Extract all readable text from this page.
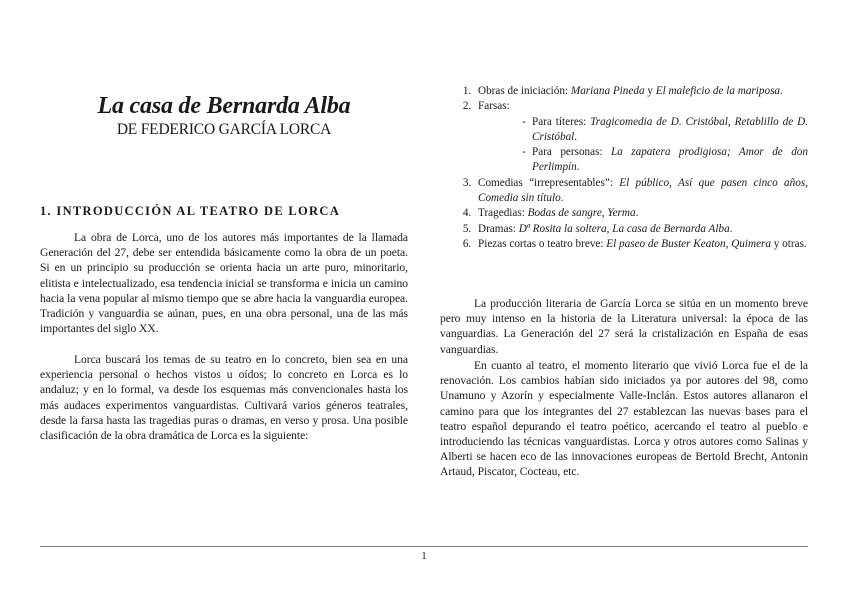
La casa de Bernarda Alba

DE FEDERICO GARCÍA LORCA

1. INTRODUCCIÓN AL TEATRO DE LORCA

La obra de Lorca, uno de los autores más importantes de la llamada Generación del 27, debe ser entendida básicamente como la obra de un poeta. Si en un principio su producción se orienta hacia un arte puro, minoritario, elitista e intelectualizado, esa tendencia inicial se transforma e inicia un camino hacia la vena popular al mismo tiempo que se abre hacia la vanguardia europea. Tradición y vanguardia se aúnan, pues, en una obra personal, una de las más importantes del siglo XX.

Lorca buscará los temas de su teatro en lo concreto, bien sea en una experiencia personal o hechos vistos u oídos; lo concreto en Lorca es lo andaluz; y en lo formal, va desde los esquemas más convencionales hasta los más audaces experimentos vanguardistas. Cultivará varios géneros teatrales, desde la farsa hasta las tragedias puras o dramas, en verso y prosa. Una posible clasificación de la obra dramática de Lorca es la siguiente:

1. Obras de iniciación: Mariana Pineda y El maleficio de la mariposa.
2. Farsas:
- Para títeres: Tragicomedia de D. Cristóbal, Retablillo de D. Cristóbal.
- Para personas: La zapatera prodigiosa; Amor de don Perlimpín.
3. Comedias “irrepresentables”: El público, Así que pasen cinco años, Comedia sin título.
4. Tragedias: Bodas de sangre, Yerma.
5. Dramas: Dª Rosita la soltera, La casa de Bernarda Alba.
6. Piezas cortas o teatro breve: El paseo de Buster Keaton, Quimera y otras.

La producción literaria de García Lorca se sitúa en un momento breve pero muy intenso en la historia de la Literatura universal: la época de las vanguardias. La Generación del 27 será la cristalización en España de esas vanguardias.

En cuanto al teatro, el momento literario que vivió Lorca fue el de la renovación. Los cambios habían sido iniciados ya por autores del 98, como Unamuno y Azorín y especialmente Valle-Inclán. Estos autores allanaron el camino para que los integrantes del 27 establezcan las nuevas bases para el teatro español depurando el teatro poético, acercando el teatro al pueblo e introduciendo las técnicas vanguardistas. Lorca y otros autores como Salinas y Alberti se hacen eco de las innovaciones europeas de Bertold Brecht, Antonin Artaud, Piscator, Cocteau, etc.

1
